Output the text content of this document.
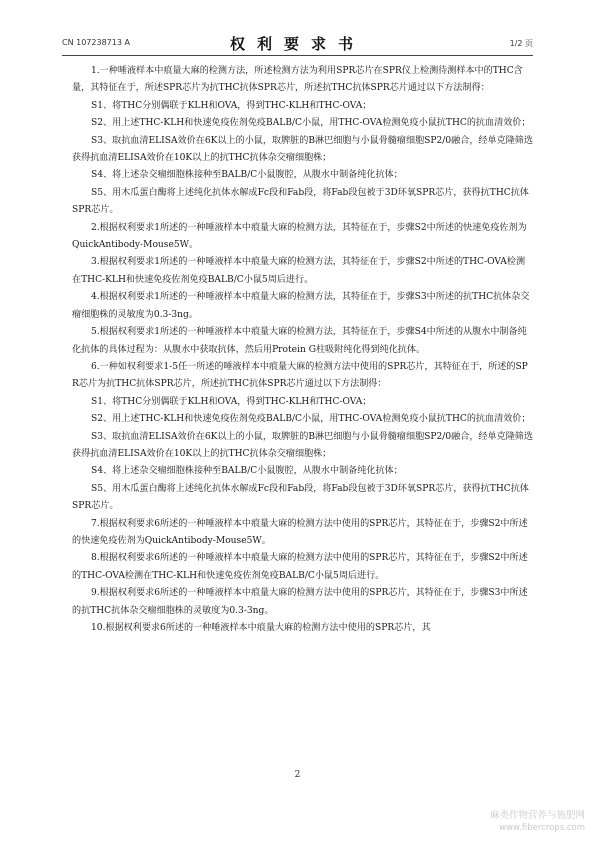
CN 107238713 A	权利要求书	1/2 页

1.一种唾液样本中痕量大麻的检测方法，所述检测方法为利用SPR芯片在SPR仪上检测待测样本中的THC含量，其特征在于，所述SPR芯片为抗THC抗体SPR芯片，所述抗THC抗体SPR芯片通过以下方法制得：

S1、将THC分别偶联于KLH和OVA，得到THC-KLH和THC-OVA；

S2、用上述THC-KLH和快速免疫佐剂免疫BALB/C小鼠，用THC-OVA检测免疫小鼠抗THC的抗血清效价；

S3、取抗血清ELISA效价在6K以上的小鼠，取脾脏的B淋巴细胞与小鼠骨髓瘤细胞SP2/0融合，经单克隆筛选获得抗血清ELISA效价在10K以上的抗THC抗体杂交瘤细胞株；

S4、将上述杂交瘤细胞株接种至BALB/C小鼠腹腔，从腹水中制备纯化抗体；

S5、用木瓜蛋白酶将上述纯化抗体水解成Fc段和Fab段，将Fab段包被于3D环氧SPR芯片，获得抗THC抗体SPR芯片。

2.根据权利要求1所述的一种唾液样本中痕量大麻的检测方法，其特征在于，步骤S2中所述的快速免疫佐剂为QuickAntibody-Mouse5W。

3.根据权利要求1所述的一种唾液样本中痕量大麻的检测方法，其特征在于，步骤S2中所述的THC-OVA检测在THC-KLH和快速免疫佐剂免疫BALB/C小鼠5周后进行。

4.根据权利要求1所述的一种唾液样本中痕量大麻的检测方法，其特征在于，步骤S3中所述的抗THC抗体杂交瘤细胞株的灵敏度为0.3-3ng。

5.根据权利要求1所述的一种唾液样本中痕量大麻的检测方法，其特征在于，步骤S4中所述的从腹水中制备纯化抗体的具体过程为：从腹水中获取抗体，然后用Protein G柱吸附纯化得到纯化抗体。

6.一种如权利要求1-5任一所述的唾液样本中痕量大麻的检测方法中使用的SPR芯片，其特征在于，所述的SPR芯片为抗THC抗体SPR芯片，所述抗THC抗体SPR芯片通过以下方法制得：

S1、将THC分别偶联于KLH和OVA，得到THC-KLH和THC-OVA；

S2、用上述THC-KLH和快速免疫佐剂免疫BALB/C小鼠，用THC-OVA检测免疫小鼠抗THC的抗血清效价；

S3、取抗血清ELISA效价在6K以上的小鼠，取脾脏的B淋巴细胞与小鼠骨髓瘤细胞SP2/0融合，经单克隆筛选获得抗血清ELISA效价在10K以上的抗THC抗体杂交瘤细胞株；

S4、将上述杂交瘤细胞株接种至BALB/C小鼠腹腔，从腹水中制备纯化抗体；

S5、用木瓜蛋白酶将上述纯化抗体水解成Fc段和Fab段，将Fab段包被于3D环氧SPR芯片，获得抗THC抗体SPR芯片。

7.根据权利要求6所述的一种唾液样本中痕量大麻的检测方法中使用的SPR芯片，其特征在于，步骤S2中所述的快速免疫佐剂为QuickAntibody-Mouse5W。

8.根据权利要求6所述的一种唾液样本中痕量大麻的检测方法中使用的SPR芯片，其特征在于，步骤S2中所述的THC-OVA检测在THC-KLH和快速免疫佐剂免疫BALB/C小鼠5周后进行。

9.根据权利要求6所述的一种唾液样本中痕量大麻的检测方法中使用的SPR芯片，其特征在于，步骤S3中所述的抗THC抗体杂交瘤细胞株的灵敏度为0.3-3ng。

10.根据权利要求6所述的一种唾液样本中痕量大麻的检测方法中使用的SPR芯片，其

2
麻类作物营养与施肥网
www.fibercrops.com
